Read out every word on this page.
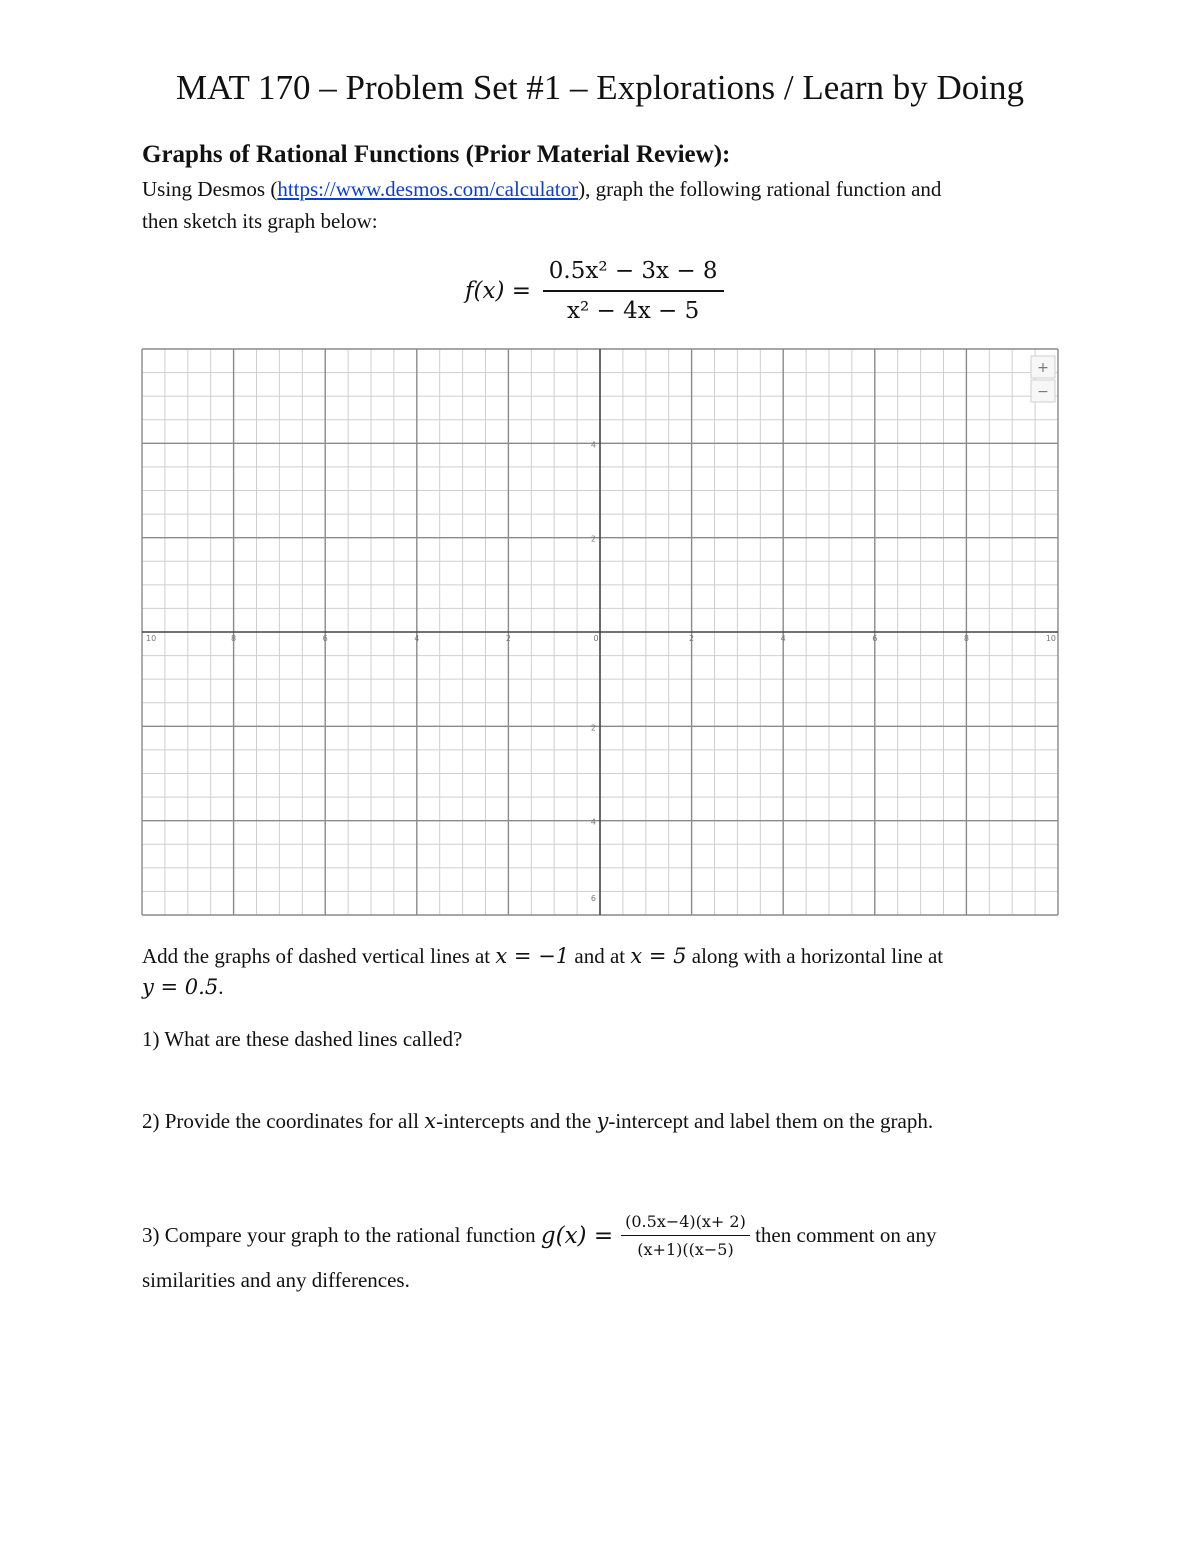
MAT 170 – Problem Set #1 – Explorations / Learn by Doing
Graphs of Rational Functions (Prior Material Review):
Using Desmos (https://www.desmos.com/calculator), graph the following rational function and
then sketch its graph below:
$f(x) = \frac{\text{0.5x² − 3x − 8}}{\text{x² − 4x − 5}}$
10	8	6	4	2	0	2	4	6	8	10
4
2
4
6
2
+
−
Add the graphs of dashed vertical lines at x = −1 and at x = 5 along with a horizontal line at
y = 0.5.
1) What are these dashed lines called?
2) Provide the coordinates for all x-intercepts and the y-intercept and label them on the graph.
3) Compare your graph to the rational function $g(x) = \frac{(0.5x-4)(x+ 2)}{(x+1)((x-5)}$ then comment on any
similarities and any differences.
